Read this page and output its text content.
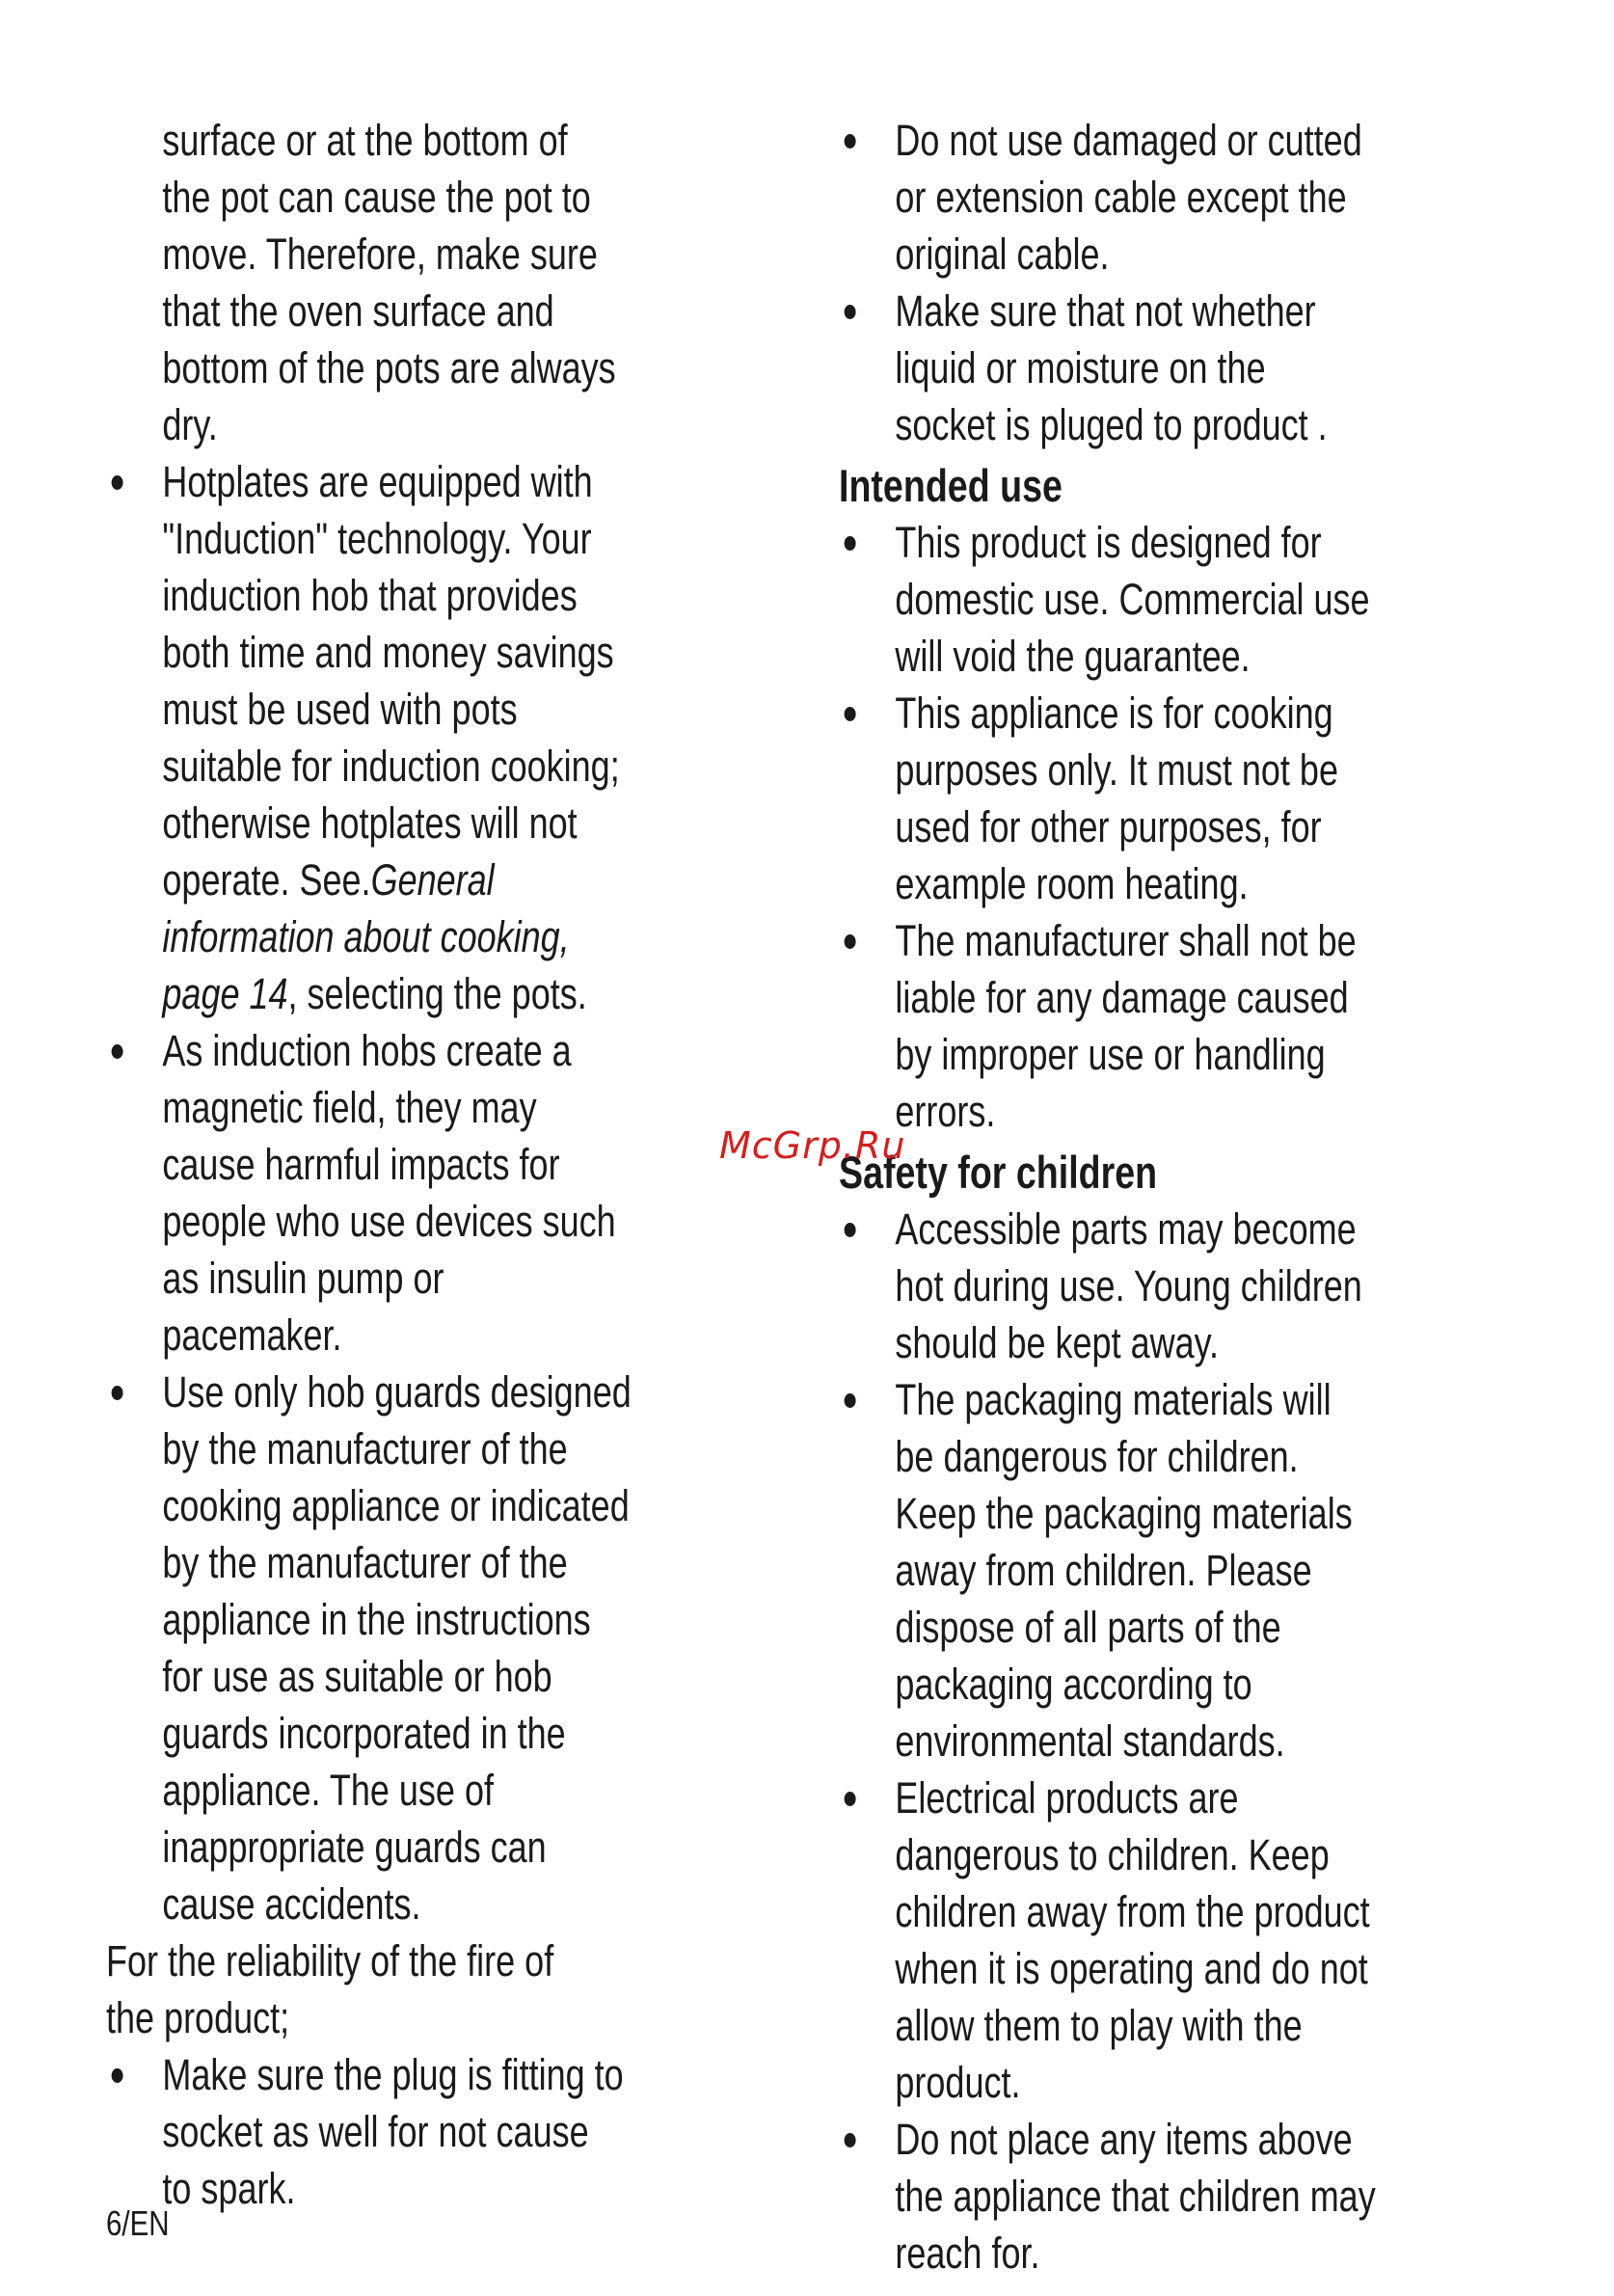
surface or at the bottom of the pot can cause the pot to move. Therefore, make sure that the oven surface and bottom of the pots are always dry.

Hotplates are equipped with "Induction" technology. Your induction hob that provides both time and money savings must be used with pots suitable for induction cooking; otherwise hotplates will not operate. See.General information about cooking, page 14, selecting the pots.
As induction hobs create a magnetic field, they may cause harmful impacts for people who use devices such as insulin pump or pacemaker.
Use only hob guards designed by the manufacturer of the cooking appliance or indicated by the manufacturer of the appliance in the instructions for use as suitable or hob guards incorporated in the appliance. The use of inappropriate guards can cause accidents.

For the reliability of the fire of the product;

Make sure the plug is fitting to socket as well for not cause to spark.
Do not use damaged or cutted or extension cable except the original cable.
Make sure that not whether liquid or moisture on the socket is pluged to product .
Intended use
This product is designed for domestic use. Commercial use will void the guarantee.
This appliance is for cooking purposes only. It must not be used for other purposes, for example room heating.
The manufacturer shall not be liable for any damage caused by improper use or handling errors.
Safety for children
Accessible parts may become hot during use. Young children should be kept away.
The packaging materials will be dangerous for children. Keep the packaging materials away from children. Please dispose of all parts of the packaging according to environmental standards.
Electrical products are dangerous to children. Keep children away from the product when it is operating and do not allow them to play with the product.
Do not place any items above the appliance that children may reach for.
McGrp.Ru
6/EN
